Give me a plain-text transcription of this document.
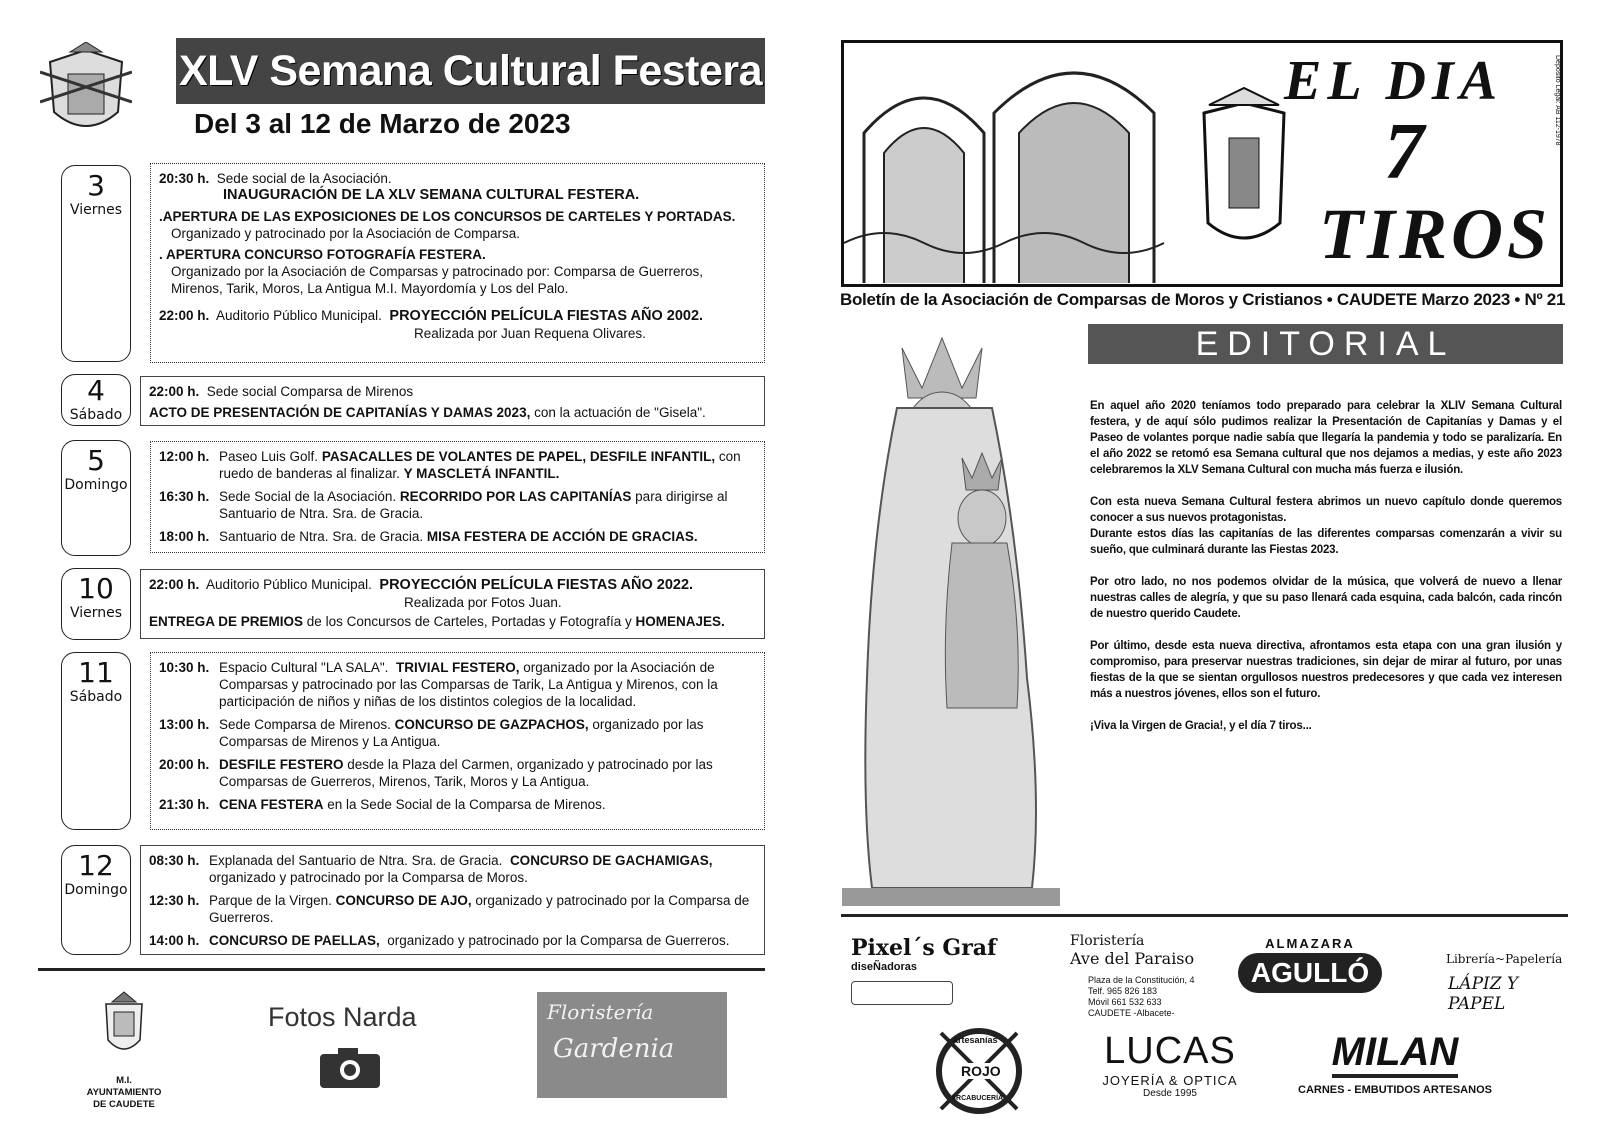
XLV Semana Cultural Festera
Del 3 al 12 de Marzo de 2023
3
Viernes
20:30 h. Sede social de la Asociación.
INAUGURACIÓN DE LA XLV SEMANA CULTURAL FESTERA.
.APERTURA DE LAS EXPOSICIONES DE LOS CONCURSOS DE CARTELES Y PORTADAS.
Organizado y patrocinado por la Asociación de Comparsa.
. APERTURA CONCURSO FOTOGRAFÍA FESTERA.
Organizado por la Asociación de Comparsas y patrocinado por: Comparsa de Guerreros, Mirenos, Tarik, Moros, La Antigua M.I. Mayordomía y Los del Palo.
22:00 h. Auditorio Público Municipal. PROYECCIÓN PELÍCULA FIESTAS AÑO 2002.
Realizada por Juan Requena Olivares.
4
Sábado
22:00 h. Sede social Comparsa de Mirenos
ACTO DE PRESENTACIÓN DE CAPITANÍAS Y DAMAS 2023, con la actuación de "Gisela".
5
Domingo
12:00 h. Paseo Luis Golf. PASACALLES DE VOLANTES DE PAPEL, DESFILE INFANTIL, con ruedo de banderas al finalizar. Y MASCLETÁ INFANTIL.
16:30 h. Sede Social de la Asociación. RECORRIDO POR LAS CAPITANÍAS para dirigirse al Santuario de Ntra. Sra. de Gracia.
18:00 h. Santuario de Ntra. Sra. de Gracia. MISA FESTERA DE ACCIÓN DE GRACIAS.
10
Viernes
22:00 h. Auditorio Público Municipal. PROYECCIÓN PELÍCULA FIESTAS AÑO 2022.
Realizada por Fotos Juan.
ENTREGA DE PREMIOS de los Concursos de Carteles, Portadas y Fotografía y HOMENAJES.
11
Sábado
10:30 h. Espacio Cultural "LA SALA". TRIVIAL FESTERO, organizado por la Asociación de Comparsas y patrocinado por las Comparsas de Tarik, La Antigua y Mirenos, con la participación de niños y niñas de los distintos colegios de la localidad.
13:00 h. Sede Comparsa de Mirenos. CONCURSO DE GAZPACHOS, organizado por las Comparsas de Mirenos y La Antigua.
20:00 h. DESFILE FESTERO desde la Plaza del Carmen, organizado y patrocinado por las Comparsas de Guerreros, Mirenos, Tarik, Moros y La Antigua.
21:30 h. CENA FESTERA en la Sede Social de la Comparsa de Mirenos.
12
Domingo
08:30 h. Explanada del Santuario de Ntra. Sra. de Gracia. CONCURSO DE GACHAMIGAS, organizado y patrocinado por la Comparsa de Moros.
12:30 h. Parque de la Virgen. CONCURSO DE AJO, organizado y patrocinado por la Comparsa de Guerreros.
14:00 h. CONCURSO DE PAELLAS, organizado y patrocinado por la Comparsa de Guerreros.
M.I. AYUNTAMIENTO
DE CAUDETE
Fotos Narda	Floristería
Gardenia
EL DIA
7
TIROS
Depósito Legal: AB 112-1978
Boletín de la Asociación de Comparsas de Moros y Cristianos • CAUDETE Marzo 2023 • Nº 21
EDITORIAL

En aquel año 2020 teníamos todo preparado para celebrar la XLIV Semana Cultural festera, y de aquí sólo pudimos realizar la Presentación de Capitanías y Damas y el Paseo de volantes porque nadie sabía que llegaría la pandemia y todo se paralizaría. En el año 2022 se retomó esa Semana cultural que nos dejamos a medias, y este año 2023 celebraremos la XLV Semana Cultural con mucha más fuerza e ilusión.

Con esta nueva Semana Cultural festera abrimos un nuevo capítulo donde queremos conocer a sus nuevos protagonistas.

Durante estos días las capitanías de las diferentes comparsas comenzarán a vivir su sueño, que culminará durante las Fiestas 2023.

Por otro lado, no nos podemos olvidar de la música, que volverá de nuevo a llenar nuestras calles de alegría, y que su paso llenará cada esquina, cada balcón, cada rincón de nuestro querido Caudete.

Por último, desde esta nueva directiva, afrontamos esta etapa con una gran ilusión y compromiso, para preservar nuestras tradiciones, sin dejar de mirar al futuro, por unas fiestas de la que se sientan orgullosos nuestros predecesores y que cada vez interesen más a nuestros jóvenes, ellos son el futuro.

¡Viva la Virgen de Gracia!, y el día 7 tiros...

Pixel´s Graf
diseÑadoras
Floristería
Ave del Paraiso
Plaza de la Constitución, 4
Telf. 965 826 183
Móvil 661 532 633
CAUDETE -Albacete-
ALMAZARA
AGULLÓ	Librería~Papelería
LÁPIZ Y PAPEL
artesanías
ROJO
ARCABUCERÍA
LUCAS
JOYERÍA & OPTICA
Desde 1995
MILAN
CARNES - EMBUTIDOS ARTESANOS
